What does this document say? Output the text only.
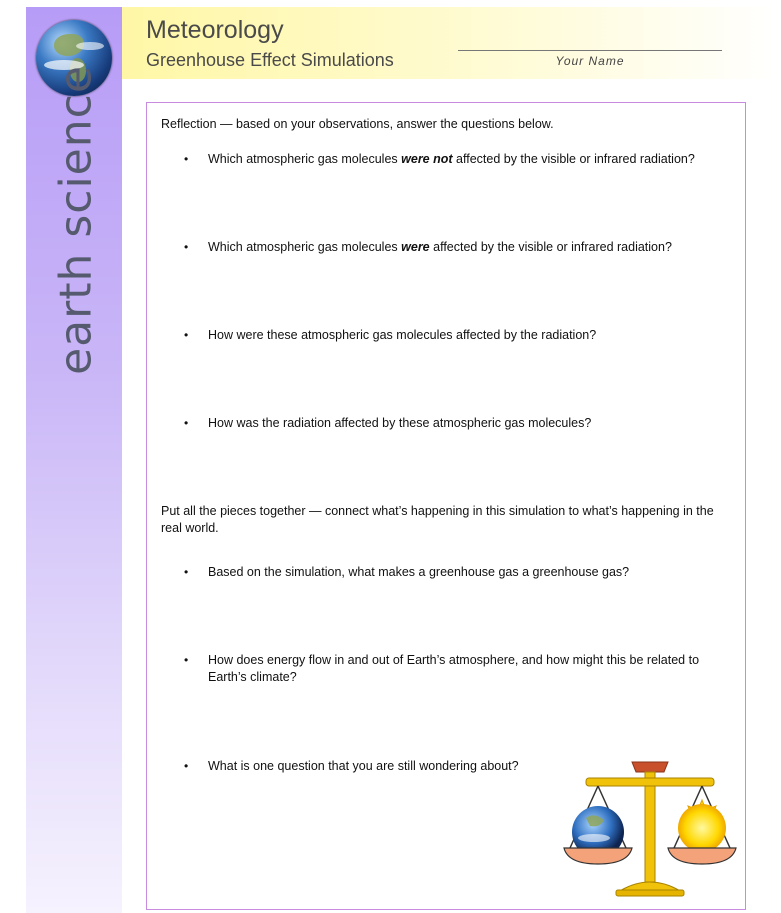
earth science
Meteorology
Greenhouse Effect Simulations	Your Name
Reflection — based on your observations, answer the questions below.
• Which atmospheric gas molecules were not affected by the visible or infrared radiation?
• Which atmospheric gas molecules were affected by the visible or infrared radiation?
• How were these atmospheric gas molecules affected by the radiation?
• How was the radiation affected by these atmospheric gas molecules?
Put all the pieces together — connect what’s happening in this simulation to what’s happening in the real world.
• Based on the simulation, what makes a greenhouse gas a greenhouse gas?
• How does energy flow in and out of Earth’s atmosphere, and how might this be related to Earth’s climate?
• What is one question that you are still wondering about?
